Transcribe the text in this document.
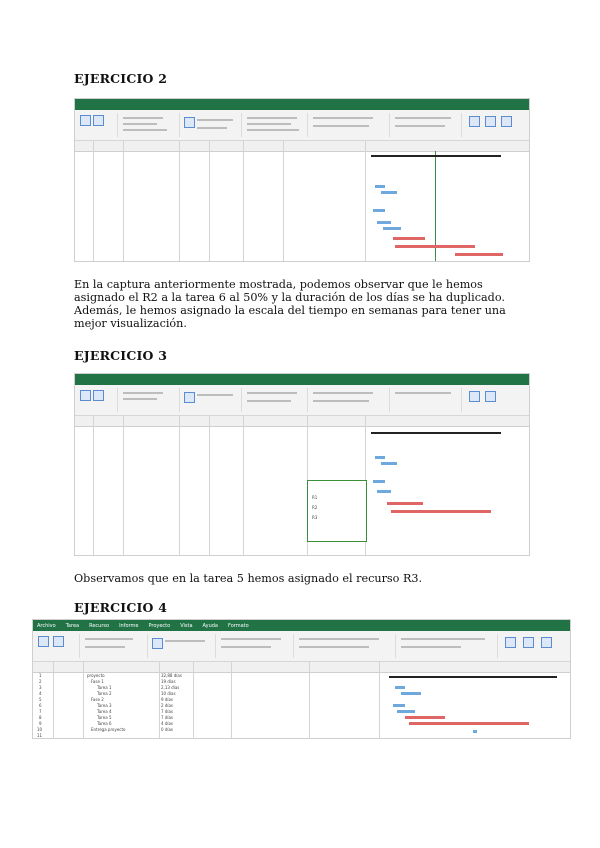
EJERCICIO 2
En la captura anteriormente mostrada, podemos observar que le hemos asignado el R2 a la tarea 6 al 50% y la duración de los días se ha duplicado.
Además, le hemos asignado la escala del tiempo en semanas para tener una mejor visualización.
EJERCICIO 3
R1
R2
R3
Observamos que en la tarea 5 hemos asignado el recurso R3.
EJERCICIO 4
Archivo Tarea Recurso Informe Proyecto Vista Ayuda Formato
1	proyecto	32,88 días
2	Fase 1	19 días
3	Tarea 1	2,13 días
4	Tarea 2	10 días
5	Fase 2	9 días
6	Tarea 3	2 días
7	Tarea 4	7 días
8	Tarea 5	7 días
9	Tarea 6	4 días
10	Entrega proyecto	0 días
11
